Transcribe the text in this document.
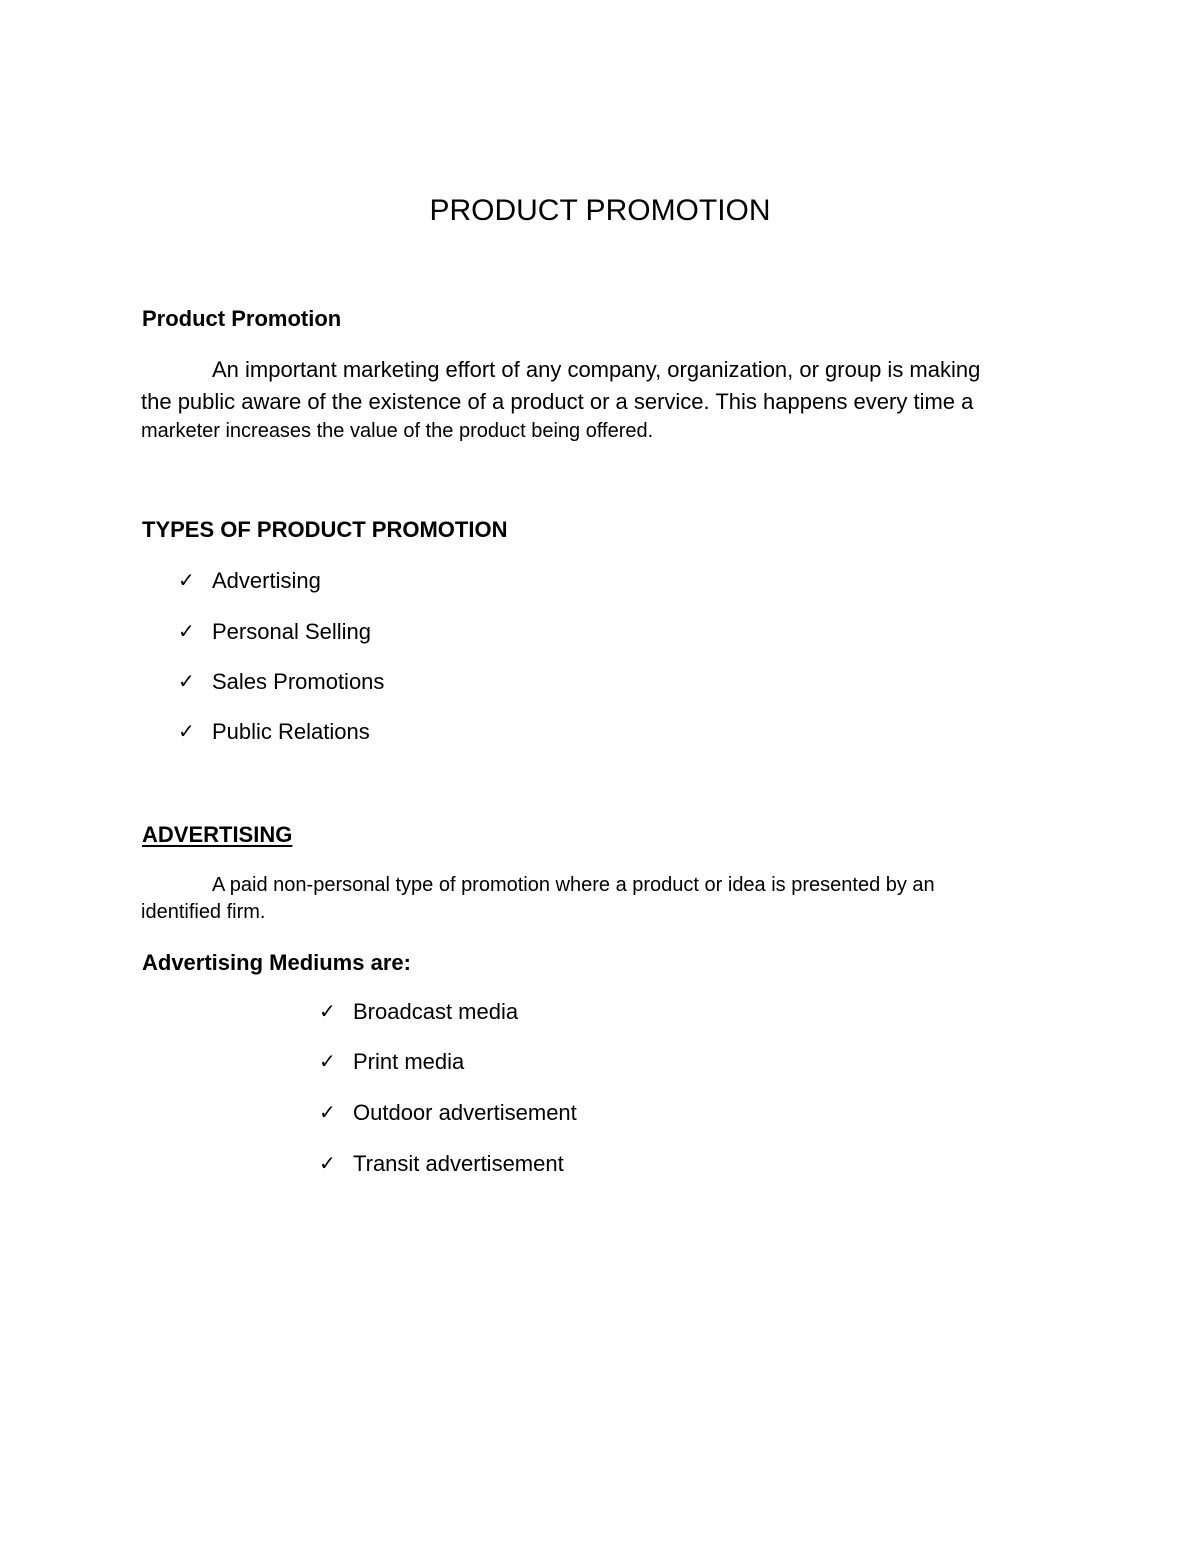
PRODUCT PROMOTION
Product Promotion
An important marketing effort of any company, organization, or group is making
the public aware of the existence of a product or a service. This happens every time a
marketer increases the value of the product being offered.
TYPES OF PRODUCT PROMOTION
✓ Advertising
✓ Personal Selling
✓ Sales Promotions
✓ Public Relations
ADVERTISING
A paid non-personal type of promotion where a product or idea is presented by an
identified firm.
Advertising Mediums are:
✓ Broadcast media
✓ Print media
✓ Outdoor advertisement
✓ Transit advertisement
